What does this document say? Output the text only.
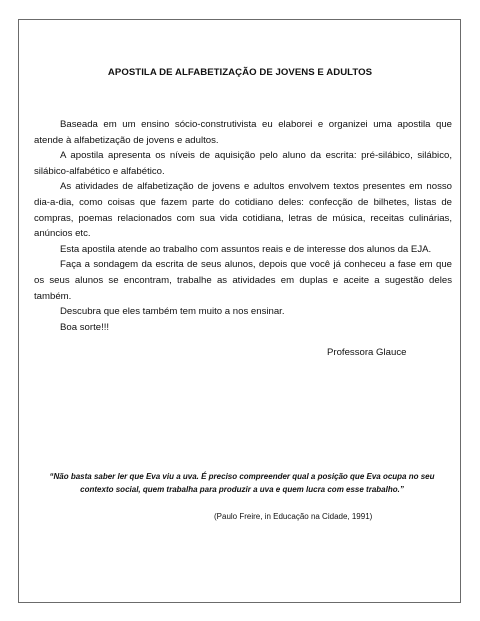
APOSTILA DE ALFABETIZAÇÃO DE JOVENS E ADULTOS

Baseada em um ensino sócio-construtivista eu elaborei e organizei uma apostila que atende à alfabetização de jovens e adultos.

A apostila apresenta os níveis de aquisição pelo aluno da escrita: pré-silábico, silábico, silábico-alfabético e alfabético.

As atividades de alfabetização de jovens e adultos envolvem textos presentes em nosso dia-a-dia, como coisas que fazem parte do cotidiano deles: confecção de bilhetes, listas de compras, poemas relacionados com sua vida cotidiana, letras de música, receitas culinárias, anúncios etc.

Esta apostila atende ao trabalho com assuntos reais e de interesse dos alunos da EJA.

Faça a sondagem da escrita de seus alunos, depois que você já conheceu a fase em que os seus alunos se encontram, trabalhe as atividades em duplas e aceite a sugestão deles também.

Descubra que eles também tem muito a nos ensinar.

Boa sorte!!!

Professora Glauce
“Não basta saber ler que Eva viu a uva. É preciso compreender qual a posição que Eva ocupa no seu contexto social, quem trabalha para produzir a uva e quem lucra com esse trabalho.”
(Paulo Freire, in Educação na Cidade, 1991)
